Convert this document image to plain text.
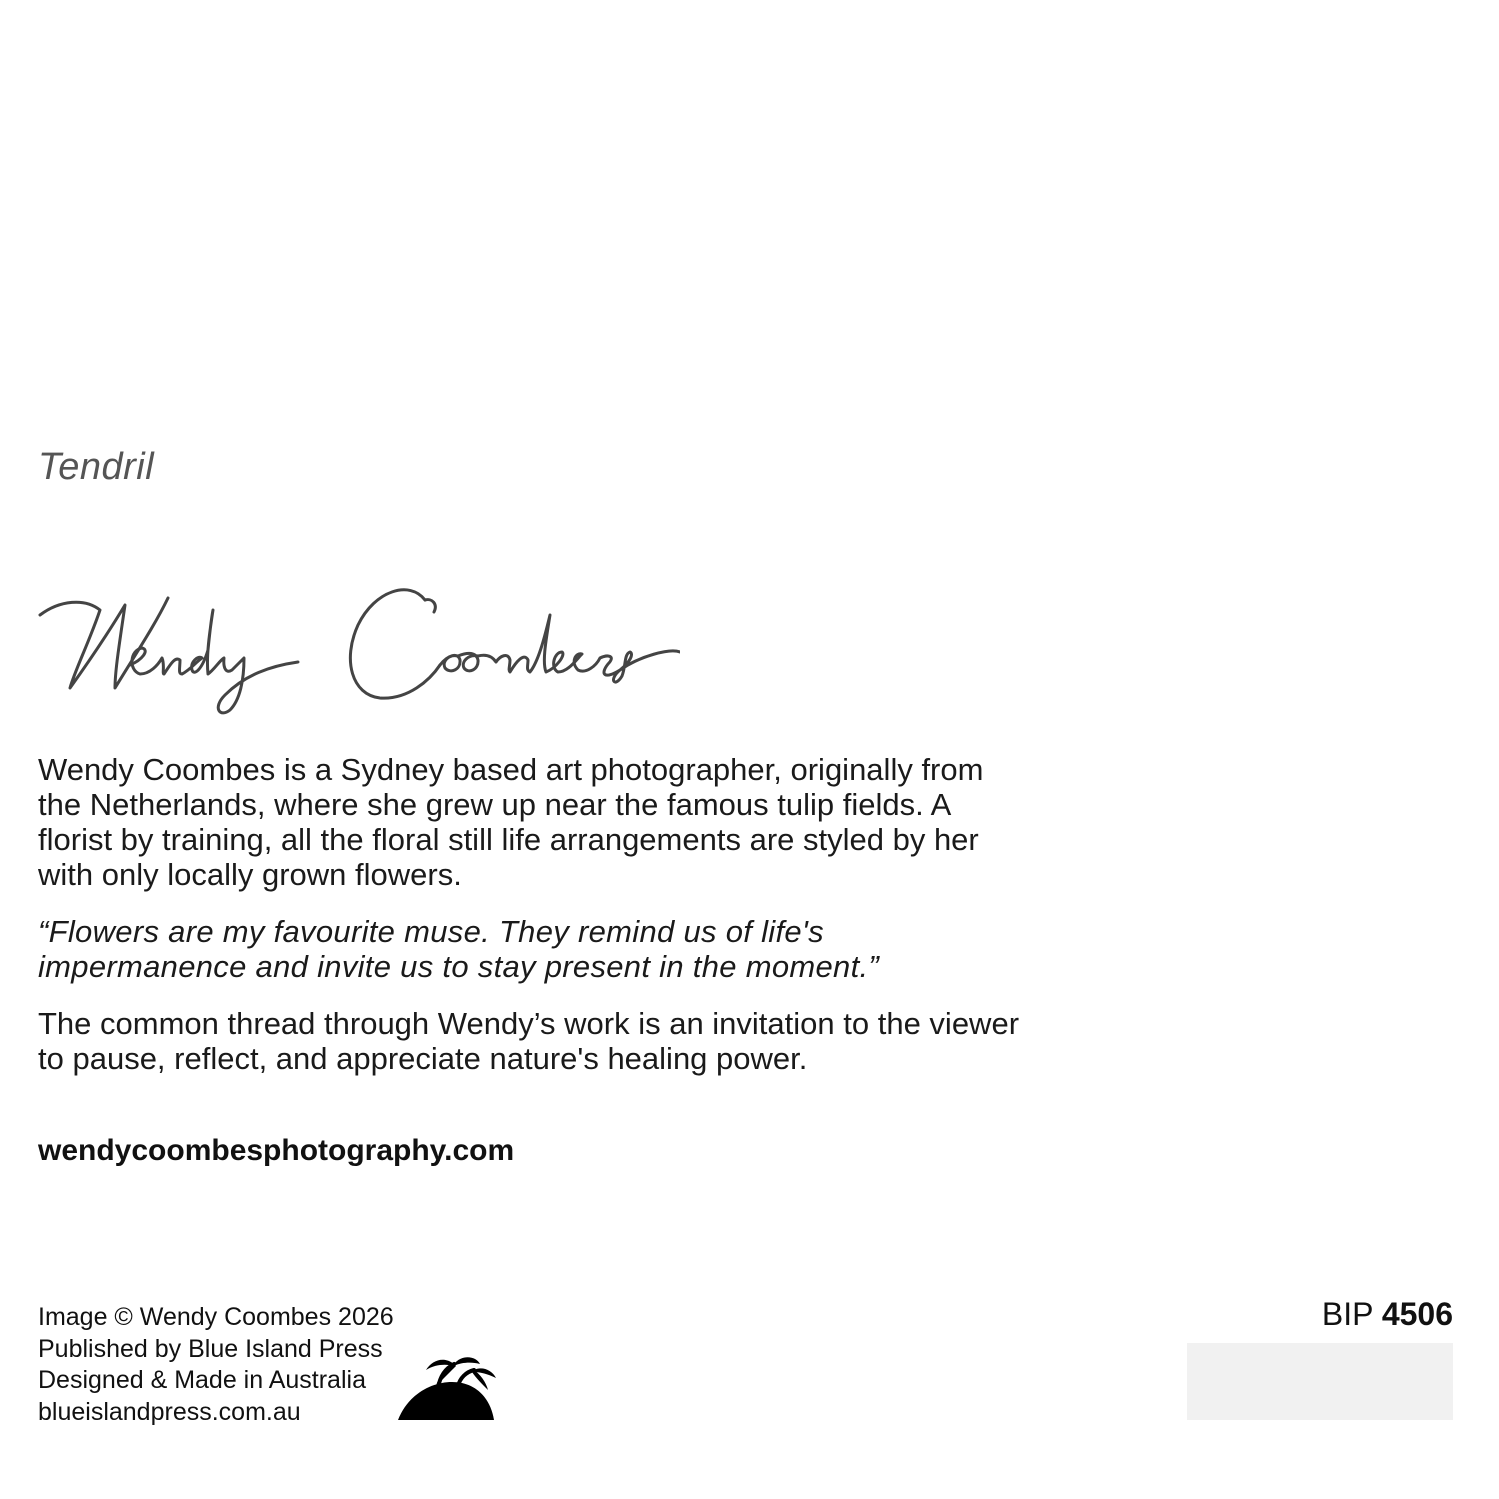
Tendril

Wendy Coombes is a Sydney based art photographer, originally from the Netherlands, where she grew up near the famous tulip fields. A florist by training, all the floral still life arrangements are styled by her with only locally grown flowers.

“Flowers are my favourite muse. They remind us of life's impermanence and invite us to stay present in the moment.”

The common thread through Wendy’s work is an invitation to the viewer to pause, reflect, and appreciate nature's healing power.

wendycoombesphotography.com
Image © Wendy Coombes 2026
Published by Blue Island Press
Designed & Made in Australia
blueislandpress.com.au
BIP 4506
